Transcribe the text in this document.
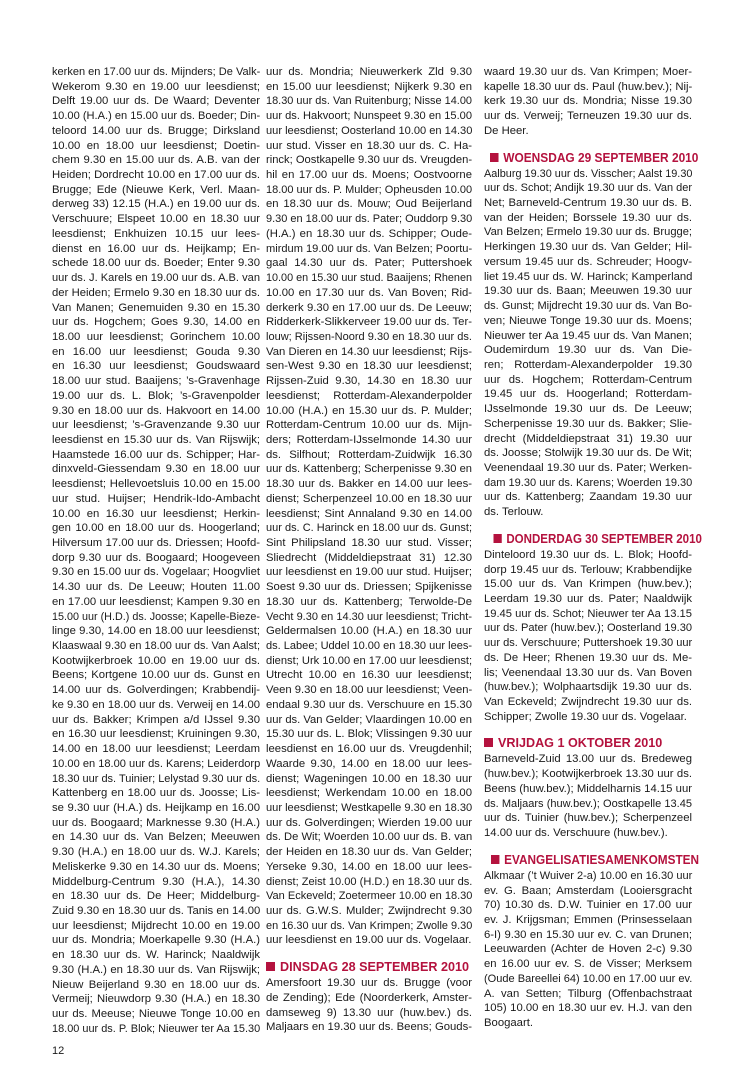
kerken en 17.00 uur ds. Mijnders; De Valk-
Wekerom 9.30 en 19.00 uur leesdienst;
Delft 19.00 uur ds. De Waard; Deventer
10.00 (H.A.) en 15.00 uur ds. Boeder; Din-
teloord 14.00 uur ds. Brugge; Dirksland
10.00 en 18.00 uur leesdienst; Doetin-
chem 9.30 en 15.00 uur ds. A.B. van der
Heiden; Dordrecht 10.00 en 17.00 uur ds.
Brugge; Ede (Nieuwe Kerk, Verl. Maan-
derweg 33) 12.15 (H.A.) en 19.00 uur ds.
Verschuure; Elspeet 10.00 en 18.30 uur
leesdienst; Enkhuizen 10.15 uur lees-
dienst en 16.00 uur ds. Heijkamp; En-
schede 18.00 uur ds. Boeder; Enter 9.30
uur ds. J. Karels en 19.00 uur ds. A.B. van
der Heiden; Ermelo 9.30 en 18.30 uur ds.
Van Manen; Genemuiden 9.30 en 15.30
uur ds. Hogchem; Goes 9.30, 14.00 en
18.00 uur leesdienst; Gorinchem 10.00
en 16.00 uur leesdienst; Gouda 9.30
en 16.30 uur leesdienst; Goudswaard
18.00 uur stud. Baaijens; ’s-Gravenhage
19.00 uur ds. L. Blok; ’s-Gravenpolder
9.30 en 18.00 uur ds. Hakvoort en 14.00
uur leesdienst; ’s-Gravenzande 9.30 uur
leesdienst en 15.30 uur ds. Van Rijswijk;
Haamstede 16.00 uur ds. Schipper; Har-
dinxveld-Giessendam 9.30 en 18.00 uur
leesdienst; Hellevoetsluis 10.00 en 15.00
uur stud. Huijser; Hendrik-Ido-Ambacht
10.00 en 16.30 uur leesdienst; Herkin-
gen 10.00 en 18.00 uur ds. Hoogerland;
Hilversum 17.00 uur ds. Driessen; Hoofd-
dorp 9.30 uur ds. Boogaard; Hoogeveen
9.30 en 15.00 uur ds. Vogelaar; Hoogvliet
14.30 uur ds. De Leeuw; Houten 11.00
en 17.00 uur leesdienst; Kampen 9.30 en
15.00 uur (H.D.) ds. Joosse; Kapelle-Bieze-
linge 9.30, 14.00 en 18.00 uur leesdienst;
Klaaswaal 9.30 en 18.00 uur ds. Van Aalst;
Kootwijkerbroek 10.00 en 19.00 uur ds.
Beens; Kortgene 10.00 uur ds. Gunst en
14.00 uur ds. Golverdingen; Krabbendij-
ke 9.30 en 18.00 uur ds. Verweij en 14.00
uur ds. Bakker; Krimpen a/d IJssel 9.30
en 16.30 uur leesdienst; Kruiningen 9.30,
14.00 en 18.00 uur leesdienst; Leerdam
10.00 en 18.00 uur ds. Karens; Leiderdorp
18.30 uur ds. Tuinier; Lelystad 9.30 uur ds.
Kattenberg en 18.00 uur ds. Joosse; Lis-
se 9.30 uur (H.A.) ds. Heijkamp en 16.00
uur ds. Boogaard; Marknesse 9.30 (H.A.)
en 14.30 uur ds. Van Belzen; Meeuwen
9.30 (H.A.) en 18.00 uur ds. W.J. Karels;
Meliskerke 9.30 en 14.30 uur ds. Moens;
Middelburg-Centrum 9.30 (H.A.), 14.30
en 18.30 uur ds. De Heer; Middelburg-
Zuid 9.30 en 18.30 uur ds. Tanis en 14.00
uur leesdienst; Mijdrecht 10.00 en 19.00
uur ds. Mondria; Moerkapelle 9.30 (H.A.)
en 18.30 uur ds. W. Harinck; Naaldwijk
9.30 (H.A.) en 18.30 uur ds. Van Rijswijk;
Nieuw Beijerland 9.30 en 18.00 uur ds.
Vermeij; Nieuwdorp 9.30 (H.A.) en 18.30
uur ds. Meeuse; Nieuwe Tonge 10.00 en
18.00 uur ds. P. Blok; Nieuwer ter Aa 15.30
uur ds. Mondria; Nieuwerkerk Zld 9.30
en 15.00 uur leesdienst; Nijkerk 9.30 en
18.30 uur ds. Van Ruitenburg; Nisse 14.00
uur ds. Hakvoort; Nunspeet 9.30 en 15.00
uur leesdienst; Oosterland 10.00 en 14.30
uur stud. Visser en 18.30 uur ds. C. Ha-
rinck; Oostkapelle 9.30 uur ds. Vreugden-
hil en 17.00 uur ds. Moens; Oostvoorne
18.00 uur ds. P. Mulder; Opheusden 10.00
en 18.30 uur ds. Mouw; Oud Beijerland
9.30 en 18.00 uur ds. Pater; Ouddorp 9.30
(H.A.) en 18.30 uur ds. Schipper; Oude-
mirdum 19.00 uur ds. Van Belzen; Poortu-
gaal 14.30 uur ds. Pater; Puttershoek
10.00 en 15.30 uur stud. Baaijens; Rhenen
10.00 en 17.30 uur ds. Van Boven; Rid-
derkerk 9.30 en 17.00 uur ds. De Leeuw;
Ridderkerk-Slikkerveer 19.00 uur ds. Ter-
louw; Rijssen-Noord 9.30 en 18.30 uur ds.
Van Dieren en 14.30 uur leesdienst; Rijs-
sen-West 9.30 en 18.30 uur leesdienst;
Rijssen-Zuid 9.30, 14.30 en 18.30 uur
leesdienst; Rotterdam-Alexanderpolder
10.00 (H.A.) en 15.30 uur ds. P. Mulder;
Rotterdam-Centrum 10.00 uur ds. Mijn-
ders; Rotterdam-IJsselmonde 14.30 uur
ds. Silfhout; Rotterdam-Zuidwijk 16.30
uur ds. Kattenberg; Scherpenisse 9.30 en
18.30 uur ds. Bakker en 14.00 uur lees-
dienst; Scherpenzeel 10.00 en 18.30 uur
leesdienst; Sint Annaland 9.30 en 14.00
uur ds. C. Harinck en 18.00 uur ds. Gunst;
Sint Philipsland 18.30 uur stud. Visser;
Sliedrecht (Middeldiepstraat 31) 12.30
uur leesdienst en 19.00 uur stud. Huijser;
Soest 9.30 uur ds. Driessen; Spijkenisse
18.30 uur ds. Kattenberg; Terwolde-De
Vecht 9.30 en 14.30 uur leesdienst; Tricht-
Geldermalsen 10.00 (H.A.) en 18.30 uur
ds. Labee; Uddel 10.00 en 18.30 uur lees-
dienst; Urk 10.00 en 17.00 uur leesdienst;
Utrecht 10.00 en 16.30 uur leesdienst;
Veen 9.30 en 18.00 uur leesdienst; Veen-
endaal 9.30 uur ds. Verschuure en 15.30
uur ds. Van Gelder; Vlaardingen 10.00 en
15.30 uur ds. L. Blok; Vlissingen 9.30 uur
leesdienst en 16.00 uur ds. Vreugdenhil;
Waarde 9.30, 14.00 en 18.00 uur lees-
dienst; Wageningen 10.00 en 18.30 uur
leesdienst; Werkendam 10.00 en 18.00
uur leesdienst; Westkapelle 9.30 en 18.30
uur ds. Golverdingen; Wierden 19.00 uur
ds. De Wit; Woerden 10.00 uur ds. B. van
der Heiden en 18.30 uur ds. Van Gelder;
Yerseke 9.30, 14.00 en 18.00 uur lees-
dienst; Zeist 10.00 (H.D.) en 18.30 uur ds.
Van Eckeveld; Zoetermeer 10.00 en 18.30
uur ds. G.W.S. Mulder; Zwijndrecht 9.30
en 16.30 uur ds. Van Krimpen; Zwolle 9.30
uur leesdienst en 19.00 uur ds. Vogelaar.
DINSDAG 28 SEPTEMBER 2010
Amersfoort 19.30 uur ds. Brugge (voor
de Zending); Ede (Noorderkerk, Amster-
damseweg 9) 13.30 uur (huw.bev.) ds.
Maljaars en 19.30 uur ds. Beens; Gouds-
waard 19.30 uur ds. Van Krimpen; Moer-
kapelle 18.30 uur ds. Paul (huw.bev.); Nij-
kerk 19.30 uur ds. Mondria; Nisse 19.30
uur ds. Verweij; Terneuzen 19.30 uur ds.
De Heer.
WOENSDAG 29 SEPTEMBER 2010
Aalburg 19.30 uur ds. Visscher; Aalst 19.30
uur ds. Schot; Andijk 19.30 uur ds. Van der
Net; Barneveld-Centrum 19.30 uur ds. B.
van der Heiden; Borssele 19.30 uur ds.
Van Belzen; Ermelo 19.30 uur ds. Brugge;
Herkingen 19.30 uur ds. Van Gelder; Hil-
versum 19.45 uur ds. Schreuder; Hoogv-
liet 19.45 uur ds. W. Harinck; Kamperland
19.30 uur ds. Baan; Meeuwen 19.30 uur
ds. Gunst; Mijdrecht 19.30 uur ds. Van Bo-
ven; Nieuwe Tonge 19.30 uur ds. Moens;
Nieuwer ter Aa 19.45 uur ds. Van Manen;
Oudemirdum 19.30 uur ds. Van Die-
ren; Rotterdam-Alexanderpolder 19.30
uur ds. Hogchem; Rotterdam-Centrum
19.45 uur ds. Hoogerland; Rotterdam-
IJsselmonde 19.30 uur ds. De Leeuw;
Scherpenisse 19.30 uur ds. Bakker; Slie-
drecht (Middeldiepstraat 31) 19.30 uur
ds. Joosse; Stolwijk 19.30 uur ds. De Wit;
Veenendaal 19.30 uur ds. Pater; Werken-
dam 19.30 uur ds. Karens; Woerden 19.30
uur ds. Kattenberg; Zaandam 19.30 uur
ds. Terlouw.
DONDERDAG 30 SEPTEMBER 2010
Dinteloord 19.30 uur ds. L. Blok; Hoofd-
dorp 19.45 uur ds. Terlouw; Krabbendijke
15.00 uur ds. Van Krimpen (huw.bev.);
Leerdam 19.30 uur ds. Pater; Naaldwijk
19.45 uur ds. Schot; Nieuwer ter Aa 13.15
uur ds. Pater (huw.bev.); Oosterland 19.30
uur ds. Verschuure; Puttershoek 19.30 uur
ds. De Heer; Rhenen 19.30 uur ds. Me-
lis; Veenendaal 13.30 uur ds. Van Boven
(huw.bev.); Wolphaartsdijk 19.30 uur ds.
Van Eckeveld; Zwijndrecht 19.30 uur ds.
Schipper; Zwolle 19.30 uur ds. Vogelaar.
VRIJDAG 1 OKTOBER 2010
Barneveld-Zuid 13.00 uur ds. Bredeweg
(huw.bev.); Kootwijkerbroek 13.30 uur ds.
Beens (huw.bev.); Middelharnis 14.15 uur
ds. Maljaars (huw.bev.); Oostkapelle 13.45
uur ds. Tuinier (huw.bev.); Scherpenzeel
14.00 uur ds. Verschuure (huw.bev.).
EVANGELISATIESAMENKOMSTEN
Alkmaar (’t Wuiver 2-a) 10.00 en 16.30 uur
ev. G. Baan; Amsterdam (Looiersgracht
70) 10.30 ds. D.W. Tuinier en 17.00 uur
ev. J. Krijgsman; Emmen (Prinsesselaan
6-I) 9.30 en 15.30 uur ev. C. van Drunen;
Leeuwarden (Achter de Hoven 2-c) 9.30
en 16.00 uur ev. S. de Visser; Merksem
(Oude Bareellei 64) 10.00 en 17.00 uur ev.
A. van Setten; Tilburg (Offenbachstraat
105) 10.00 en 18.30 uur ev. H.J. van den
Boogaart.
12
